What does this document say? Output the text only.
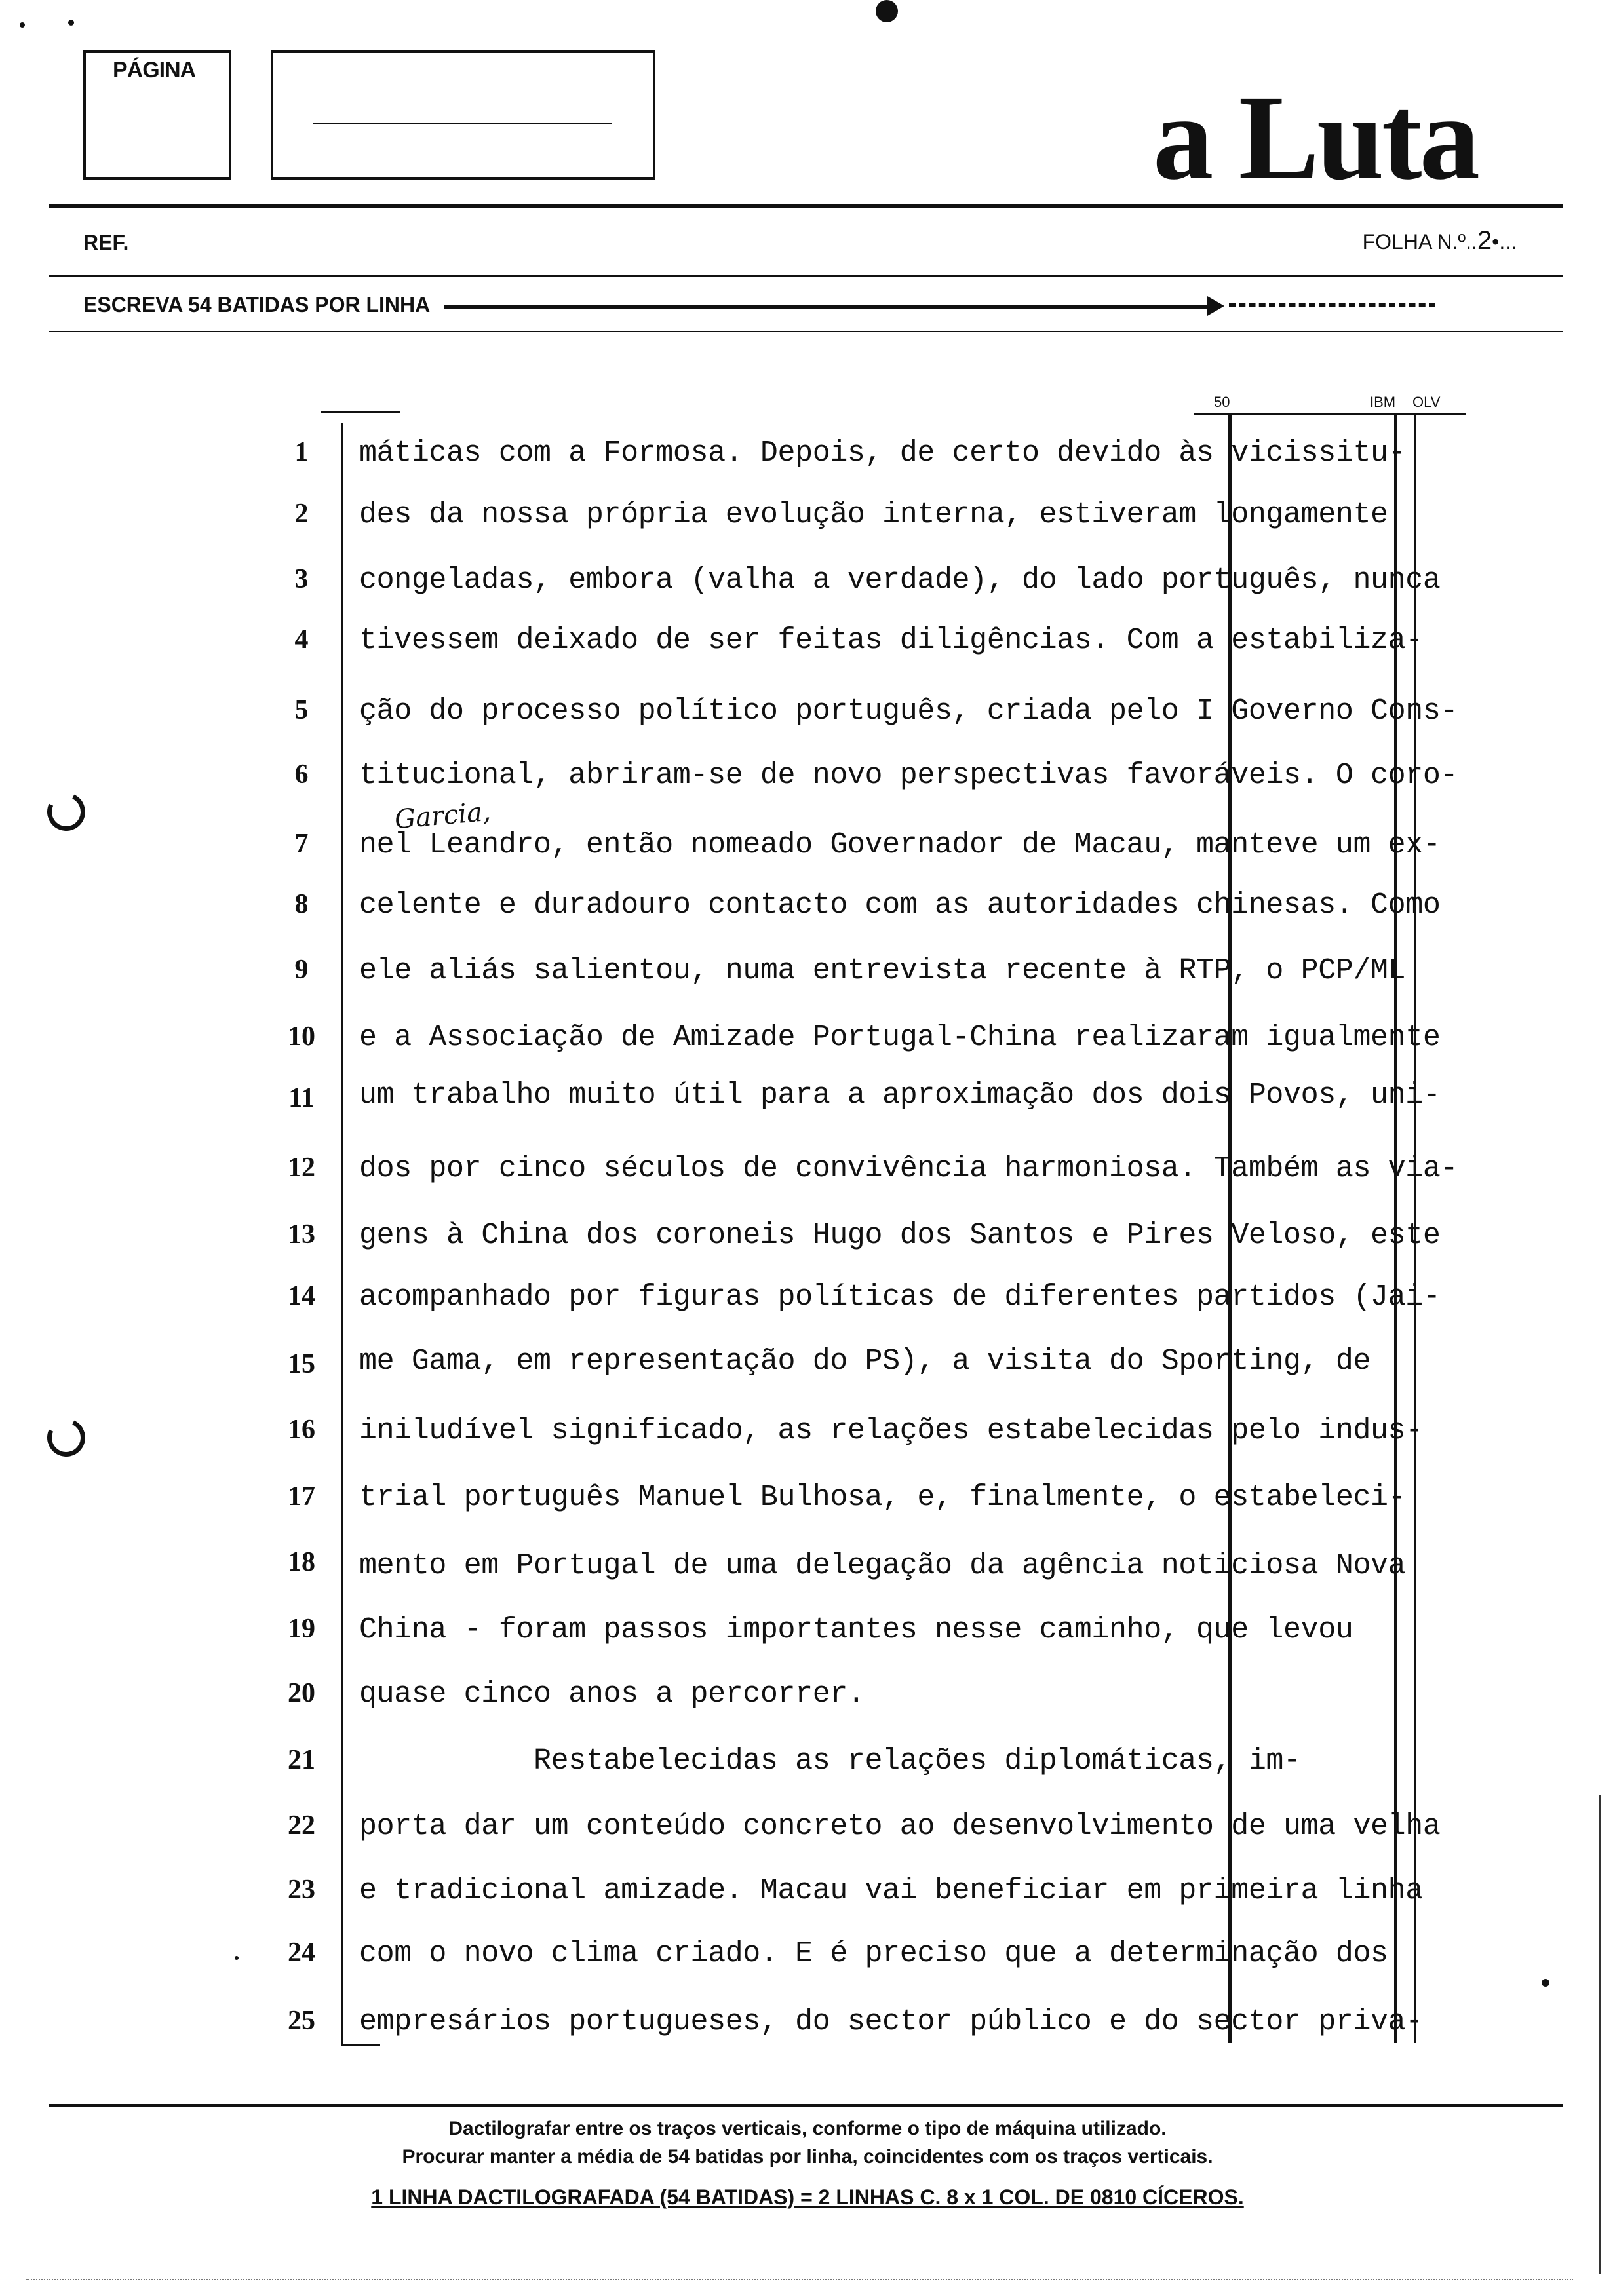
PÁGINA
a Luta
REF.	FOLHA N.º..2•...
ESCREVA 54 BATIDAS POR LINHA
50	IBM OLV
1	máticas com a Formosa. Depois, de certo devido às vicissitu-
2	des da nossa própria evolução interna, estiveram longamente
3	congeladas, embora (valha a verdade), do lado português, nunca
4	tivessem deixado de ser feitas diligências. Com a estabiliza-
5	ção do processo político português, criada pelo I Governo Cons-
6	titucional, abriram-se de novo perspectivas favoráveis. O coro-
Garcia,
7	nel Leandro, então nomeado Governador de Macau, manteve um ex-
8	celente e duradouro contacto com as autoridades chinesas. Como
9	ele aliás salientou, numa entrevista recente à RTP, o PCP/ML
10 e a Associação de Amizade Portugal-China realizaram igualmente
11 um trabalho muito útil para a aproximação dos dois Povos, uni-
12 dos por cinco séculos de convivência harmoniosa. Também as via-
13 gens à China dos coroneis Hugo dos Santos e Pires Veloso, este
14 acompanhado por figuras políticas de diferentes partidos (Jai-
15 me Gama, em representação do PS), a visita do Sporting, de
16 iniludível significado, as relações estabelecidas pelo indus-
17 trial português Manuel Bulhosa, e, finalmente, o estabeleci-
18 mento em Portugal de uma delegação da agência noticiosa Nova
19 China - foram passos importantes nesse caminho, que levou
20 quase cinco anos a percorrer.
21 Restabelecidas as relações diplomáticas, im-
22 porta dar um conteúdo concreto ao desenvolvimento de uma velha
23 e tradicional amizade. Macau vai beneficiar em primeira linha
24 com o novo clima criado. E é preciso que a determinação dos
25 empresários portugueses, do sector público e do sector priva-
Dactilografar entre os traços verticais, conforme o tipo de máquina utilizado.
Procurar manter a média de 54 batidas por linha, coincidentes com os traços verticais.
1 LINHA DACTILOGRAFADA (54 BATIDAS) = 2 LINHAS C. 8 x 1 COL. DE 0810 CÍCEROS.
